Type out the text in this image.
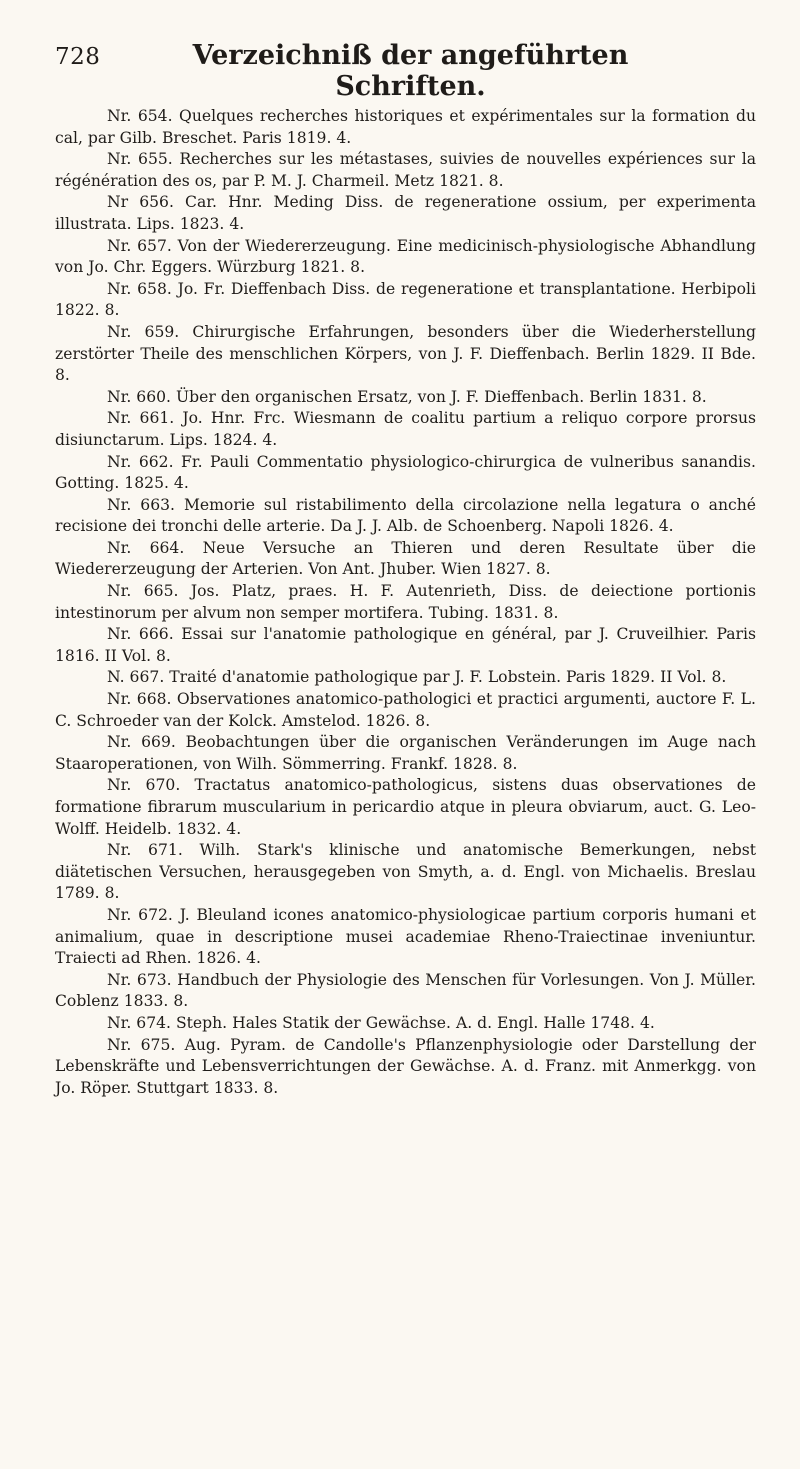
728	Verzeichniß der angeführten Schriften.

Nr. 654. Quelques recherches historiques et expérimentales sur la formation du cal, par Gilb. Breschet. Paris 1819. 4.

Nr. 655. Recherches sur les métastases, suivies de nouvelles expériences sur la régénération des os, par P. M. J. Charmeil. Metz 1821. 8.

Nr 656. Car. Hnr. Meding Diss. de regeneratione ossium, per experimenta illustrata. Lips. 1823. 4.

Nr. 657. Von der Wiedererzeugung. Eine medicinisch-physiologische Abhandlung von Jo. Chr. Eggers. Würzburg 1821. 8.

Nr. 658. Jo. Fr. Dieffenbach Diss. de regeneratione et transplantatione. Herbipoli 1822. 8.

Nr. 659. Chirurgische Erfahrungen, besonders über die Wiederherstellung zerstörter Theile des menschlichen Körpers, von J. F. Dieffenbach. Berlin 1829. II Bde. 8.

Nr. 660. Über den organischen Ersatz, von J. F. Dieffenbach. Berlin 1831. 8.

Nr. 661. Jo. Hnr. Frc. Wiesmann de coalitu partium a reliquo corpore prorsus disiunctarum. Lips. 1824. 4.

Nr. 662. Fr. Pauli Commentatio physiologico-chirurgica de vulneribus sanandis. Gotting. 1825. 4.

Nr. 663. Memorie sul ristabilimento della circolazione nella legatura o anché recisione dei tronchi delle arterie. Da J. J. Alb. de Schoenberg. Napoli 1826. 4.

Nr. 664. Neue Versuche an Thieren und deren Resultate über die Wiedererzeugung der Arterien. Von Ant. Jhuber. Wien 1827. 8.

Nr. 665. Jos. Platz, praes. H. F. Autenrieth, Diss. de deiectione portionis intestinorum per alvum non semper mortifera. Tubing. 1831. 8.

Nr. 666. Essai sur l'anatomie pathologique en général, par J. Cruveilhier. Paris 1816. II Vol. 8.

N. 667. Traité d'anatomie pathologique par J. F. Lobstein. Paris 1829. II Vol. 8.

Nr. 668. Observationes anatomico-pathologici et practici argumenti, auctore F. L. C. Schroeder van der Kolck. Amstelod. 1826. 8.

Nr. 669. Beobachtungen über die organischen Veränderungen im Auge nach Staaroperationen, von Wilh. Sömmerring. Frankf. 1828. 8.

Nr. 670. Tractatus anatomico-pathologicus, sistens duas observationes de formatione fibrarum muscularium in pericardio atque in pleura obviarum, auct. G. Leo-Wolff. Heidelb. 1832. 4.

Nr. 671. Wilh. Stark's klinische und anatomische Bemerkungen, nebst diätetischen Versuchen, herausgegeben von Smyth, a. d. Engl. von Michaelis. Breslau 1789. 8.

Nr. 672. J. Bleuland icones anatomico-physiologicae partium corporis humani et animalium, quae in descriptione musei academiae Rheno-Traiectinae inveniuntur. Traiecti ad Rhen. 1826. 4.

Nr. 673. Handbuch der Physiologie des Menschen für Vorlesungen. Von J. Müller. Coblenz 1833. 8.

Nr. 674. Steph. Hales Statik der Gewächse. A. d. Engl. Halle 1748. 4.

Nr. 675. Aug. Pyram. de Candolle's Pflanzenphysiologie oder Darstellung der Lebenskräfte und Lebensverrichtungen der Gewächse. A. d. Franz. mit Anmerkgg. von Jo. Röper. Stuttgart 1833. 8.
